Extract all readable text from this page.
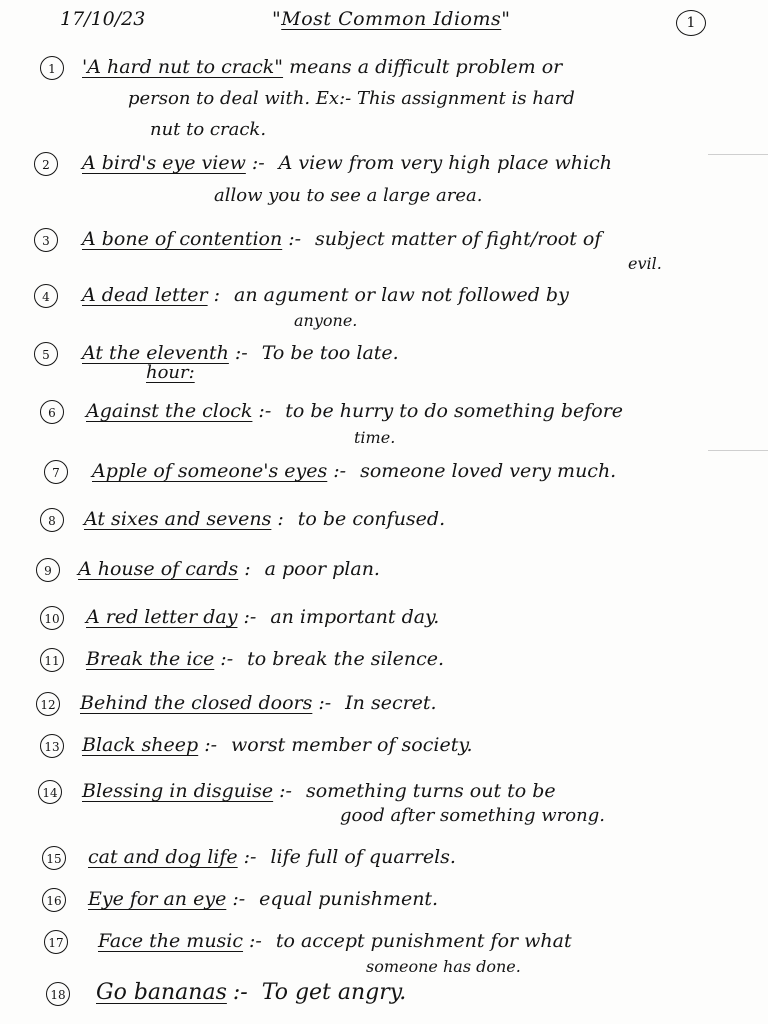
17/10/23	"Most Common Idioms"	1
1	'A hard nut to crack" means a difficult problem or
person to deal with. Ex:- This assignment is hard
nut to crack.
2	A bird's eye view :- A view from very high place which
allow you to see a large area.
3	A bone of contention :- subject matter of fight/root of
evil.
4	A dead letter : an agument or law not followed by
anyone.
5	At the eleventh :- To be too late.
hour:
6	Against the clock :- to be hurry to do something before
time.
7	Apple of someone's eyes :- someone loved very much.
8	At sixes and sevens : to be confused.
9	A house of cards : a poor plan.
10 A red letter day :- an important day.
11 Break the ice :- to break the silence.
12 Behind the closed doors :- In secret.
13 Black sheep :- worst member of society.
14 Blessing in disguise :- something turns out to be
good after something wrong.
15 cat and dog life :- life full of quarrels.
16 Eye for an eye :- equal punishment.
17 Face the music :- to accept punishment for what
someone has done.
18 Go bananas :- To get angry.
